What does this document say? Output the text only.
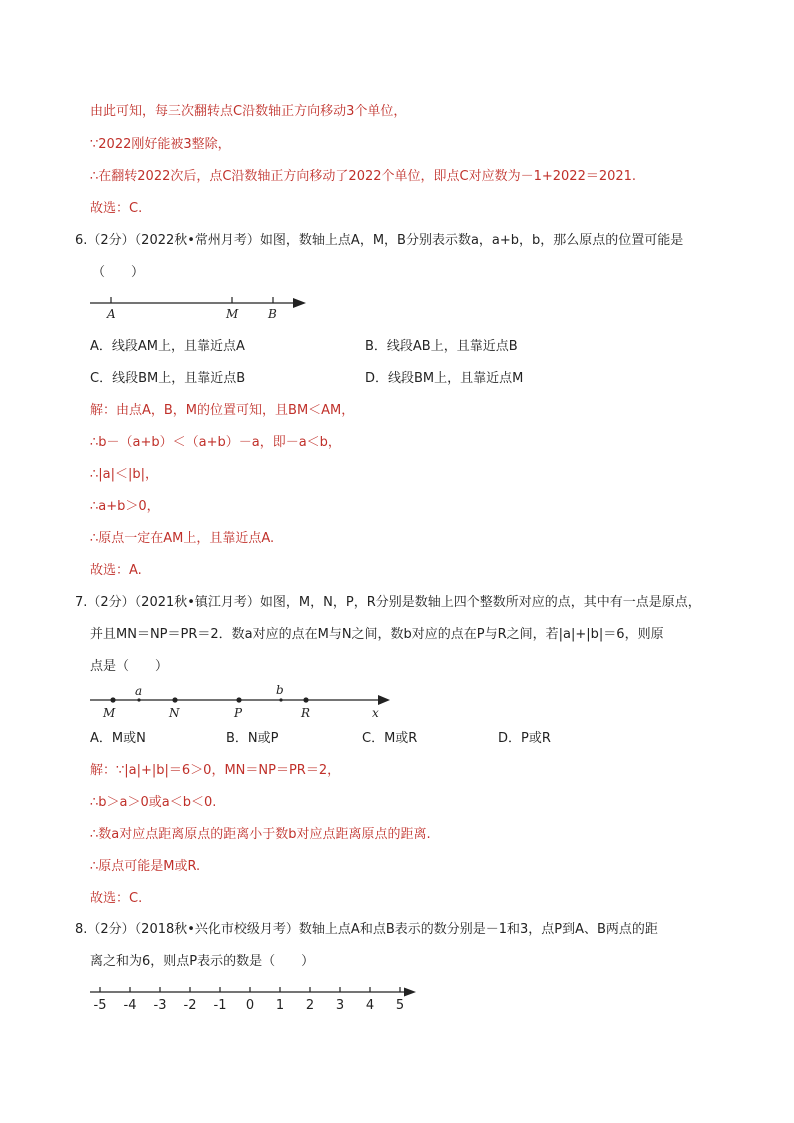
由此可知，每三次翻转点C沿数轴正方向移动3个单位，
∵2022刚好能被3整除，
∴在翻转2022次后，点C沿数轴正方向移动了2022个单位，即点C对应数为－1+2022＝2021.
故选：C.
6.（2分）（2022秋•常州月考）如图，数轴上点A，M，B分别表示数a，a+b，b，那么原点的位置可能是
（　　）
A	M B
A．线段AM上，且靠近点A	B．线段AB上，且靠近点B
C．线段BM上，且靠近点B	D．线段BM上，且靠近点M
解：由点A，B，M的位置可知，且BM＜AM，
∴b－（a+b）＜（a+b）－a，即－a＜b，
∴|a|＜|b|，
∴a+b＞0，
∴原点一定在AM上，且靠近点A.
故选：A.
7.（2分）（2021秋•镇江月考）如图，M，N，P，R分别是数轴上四个整数所对应的点，其中有一点是原点，
并且MN＝NP＝PR＝2．数a对应的点在M与N之间，数b对应的点在P与R之间，若|a|+|b|＝6，则原
点是（　　）
M
a
N	P
b
R	x
A．M或N	B．N或P	C．M或R	D．P或R
解：∵|a|+|b|＝6＞0，MN＝NP＝PR＝2，
∴b＞a＞0或a＜b＜0.
∴数a对应点距离原点的距离小于数b对应点距离原点的距离.
∴原点可能是M或R.
故选：C.
8.（2分）（2018秋•兴化市校级月考）数轴上点A和点B表示的数分别是－1和3，点P到A、B两点的距
离之和为6，则点P表示的数是（　　）
-5 -4 -3 -2 -1 0 1 2 3 4 5
